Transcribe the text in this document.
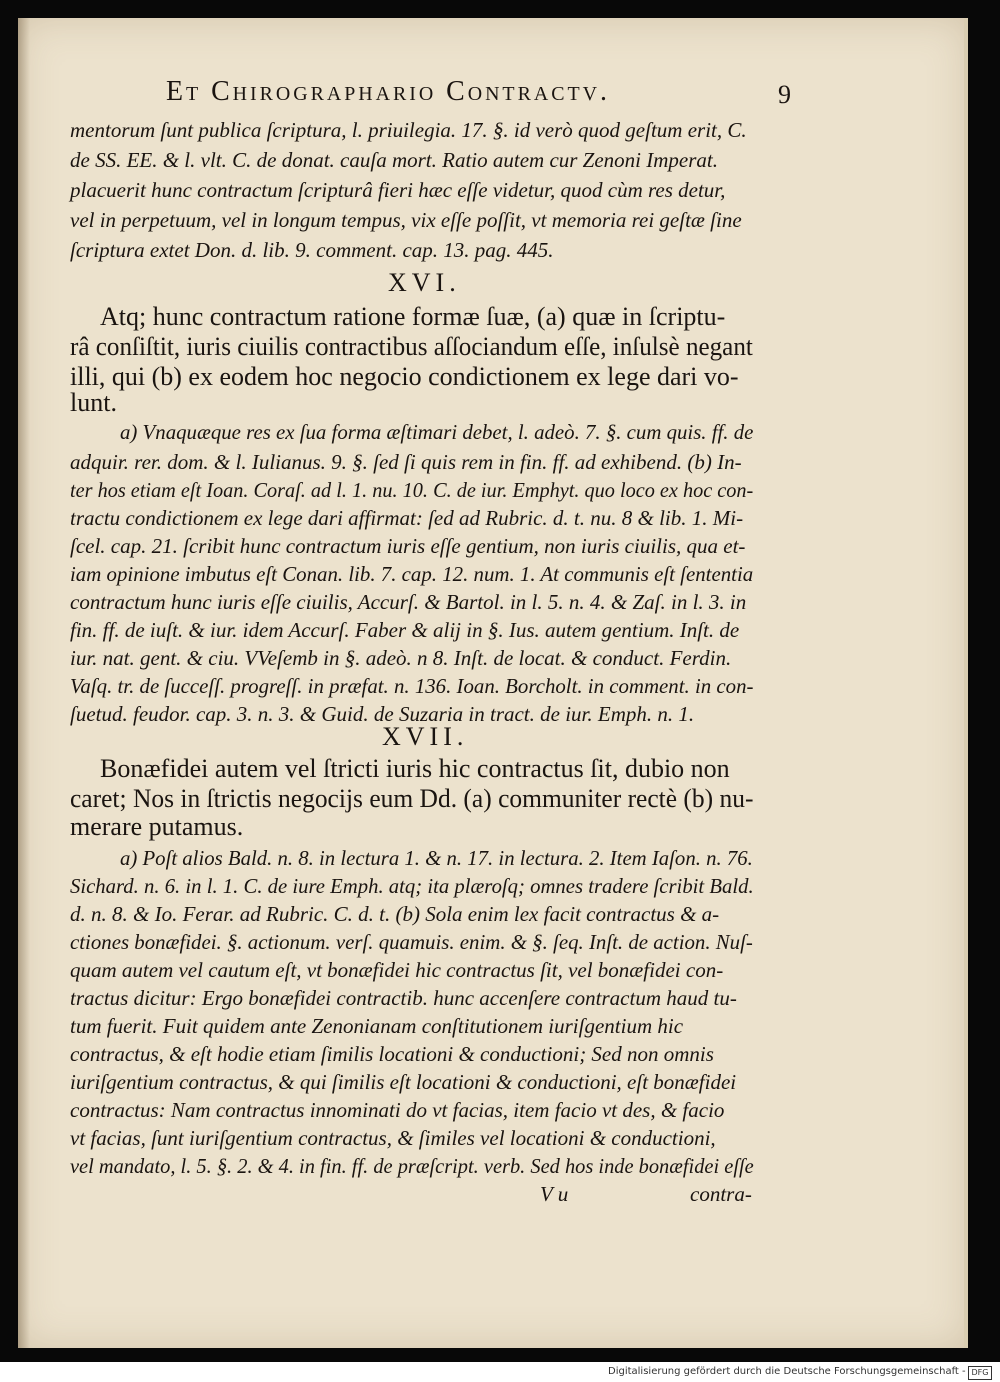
Et Chirographario Contractv.	9
mentorum ſunt publica ſcriptura, l. priuilegia. 17. §. id verò quod geſtum erit, C.
de SS. EE. & l. vlt. C. de donat. cauſa mort. Ratio autem cur Zenoni Imperat.
placuerit hunc contractum ſcripturâ fieri hæc eſſe videtur, quod cùm res detur,
vel in perpetuum, vel in longum tempus, vix eſſe poſſit, vt memoria rei geſtæ ſine
ſcriptura extet Don. d. lib. 9. comment. cap. 13. pag. 445.
XVI.
Atq; hunc contractum ratione formæ ſuæ, (a) quæ in ſcriptu-
râ conſiſtit, iuris ciuilis contractibus aſſociandum eſſe, inſulsè negant
illi, qui (b) ex eodem hoc negocio condictionem ex lege dari vo-
lunt.
a) Vnaquæque res ex ſua forma æſtimari debet, l. adeò. 7. §. cum quis. ff. de
adquir. rer. dom. & l. Iulianus. 9. §. ſed ſi quis rem in fin. ff. ad exhibend. (b) In-
ter hos etiam eſt Ioan. Coraſ. ad l. 1. nu. 10. C. de iur. Emphyt. quo loco ex hoc con-
tractu condictionem ex lege dari affirmat: ſed ad Rubric. d. t. nu. 8 & lib. 1. Mi-
ſcel. cap. 21. ſcribit hunc contractum iuris eſſe gentium, non iuris ciuilis, qua et-
iam opinione imbutus eſt Conan. lib. 7. cap. 12. num. 1. At communis eſt ſententia
contractum hunc iuris eſſe ciuilis, Accurſ. & Bartol. in l. 5. n. 4. & Zaſ. in l. 3. in
fin. ff. de iuſt. & iur. idem Accurſ. Faber & alij in §. Ius. autem gentium. Inſt. de
iur. nat. gent. & ciu. VVeſemb in §. adeò. n 8. Inſt. de locat. & conduct. Ferdin.
Vaſq. tr. de ſucceſſ. progreſſ. in præfat. n. 136. Ioan. Borcholt. in comment. in con-
ſuetud. feudor. cap. 3. n. 3. & Guid. de Suzaria in tract. de iur. Emph. n. 1.
XVII.
Bonæfidei autem vel ſtricti iuris hic contractus ſit, dubio non
caret; Nos in ſtrictis negocijs eum Dd. (a) communiter rectè (b) nu-
merare putamus.
a) Poſt alios Bald. n. 8. in lectura 1. & n. 17. in lectura. 2. Item Iaſon. n. 76.
Sichard. n. 6. in l. 1. C. de iure Emph. atq; ita plæroſq; omnes tradere ſcribit Bald.
d. n. 8. & Io. Ferar. ad Rubric. C. d. t. (b) Sola enim lex facit contractus & a-
ctiones bonæfidei. §. actionum. verſ. quamuis. enim. & §. ſeq. Inſt. de action. Nuſ-
quam autem vel cautum eſt, vt bonæfidei hic contractus ſit, vel bonæfidei con-
tractus dicitur: Ergo bonæfidei contractib. hunc accenſere contractum haud tu-
tum fuerit. Fuit quidem ante Zenonianam conſtitutionem iuriſgentium hic
contractus, & eſt hodie etiam ſimilis locationi & conductioni; Sed non omnis
iuriſgentium contractus, & qui ſimilis eſt locationi & conductioni, eſt bonæfidei
contractus: Nam contractus innominati do vt facias, item facio vt des, & facio
vt facias, ſunt iuriſgentium contractus, & ſimiles vel locationi & conductioni,
vel mandato, l. 5. §. 2. & 4. in fin. ff. de præſcript. verb. Sed hos inde bonæfidei eſſe
V u	contra-
Digitalisierung gefördert durch die Deutsche Forschungsgemeinschaft - DFG
